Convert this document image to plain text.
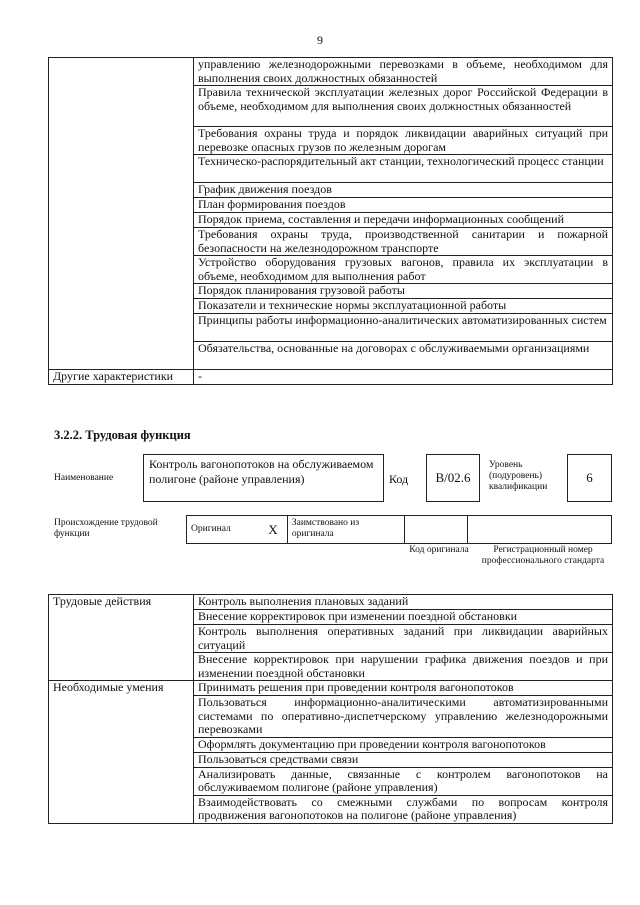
9
	управлению железнодорожными перевозками в объеме, необходимом для выполнения своих должностных обязанностей
	Правила технической эксплуатации железных дорог Российской Федерации в объеме, необходимом для выполнения своих должностных обязанностей
	Требования охраны труда и порядок ликвидации аварийных ситуаций при перевозке опасных грузов по железным дорогам
	Техническо-распорядительный акт станции, технологический процесс станции
	График движения поездов
	План формирования поездов
	Порядок приема, составления и передачи информационных сообщений
	Требования охраны труда, производственной санитарии и пожарной безопасности на железнодорожном транспорте
	Устройство оборудования грузовых вагонов, правила их эксплуатации в объеме, необходимом для выполнения работ
	Порядок планирования грузовой работы
	Показатели и технические нормы эксплуатационной работы
	Принципы работы информационно-аналитических автоматизированных систем
	Обязательства, основанные на договорах с обслуживаемыми организациями
Другие характеристики	-
3.2.2. Трудовая функция
Наименование
Контроль вагонопотоков на обслуживаемом полигоне (районе управления)	Код	B/02.6
Уровень (подуровень) квалификации
6
Происхождение трудовой функции	Оригинал	X	Заимствовано из оригинала		
Код оригинала	Регистрационный номер профессионального стандарта
Трудовые действия	Контроль выполнения плановых заданий
	Внесение корректировок при изменении поездной обстановки
	Контроль выполнения оперативных заданий при ликвидации аварийных ситуаций
	Внесение корректировок при нарушении графика движения поездов и при изменении поездной обстановки
Необходимые умения	Принимать решения при проведении контроля вагонопотоков
	Пользоваться информационно-аналитическими автоматизированными системами по оперативно-диспетчерскому управлению железнодорожными перевозками
	Оформлять документацию при проведении контроля вагонопотоков
	Пользоваться средствами связи
	Анализировать данные, связанные с контролем вагонопотоков на обслуживаемом полигоне (районе управления)
	Взаимодействовать со смежными службами по вопросам контроля продвижения вагонопотоков на полигоне (районе управления)
